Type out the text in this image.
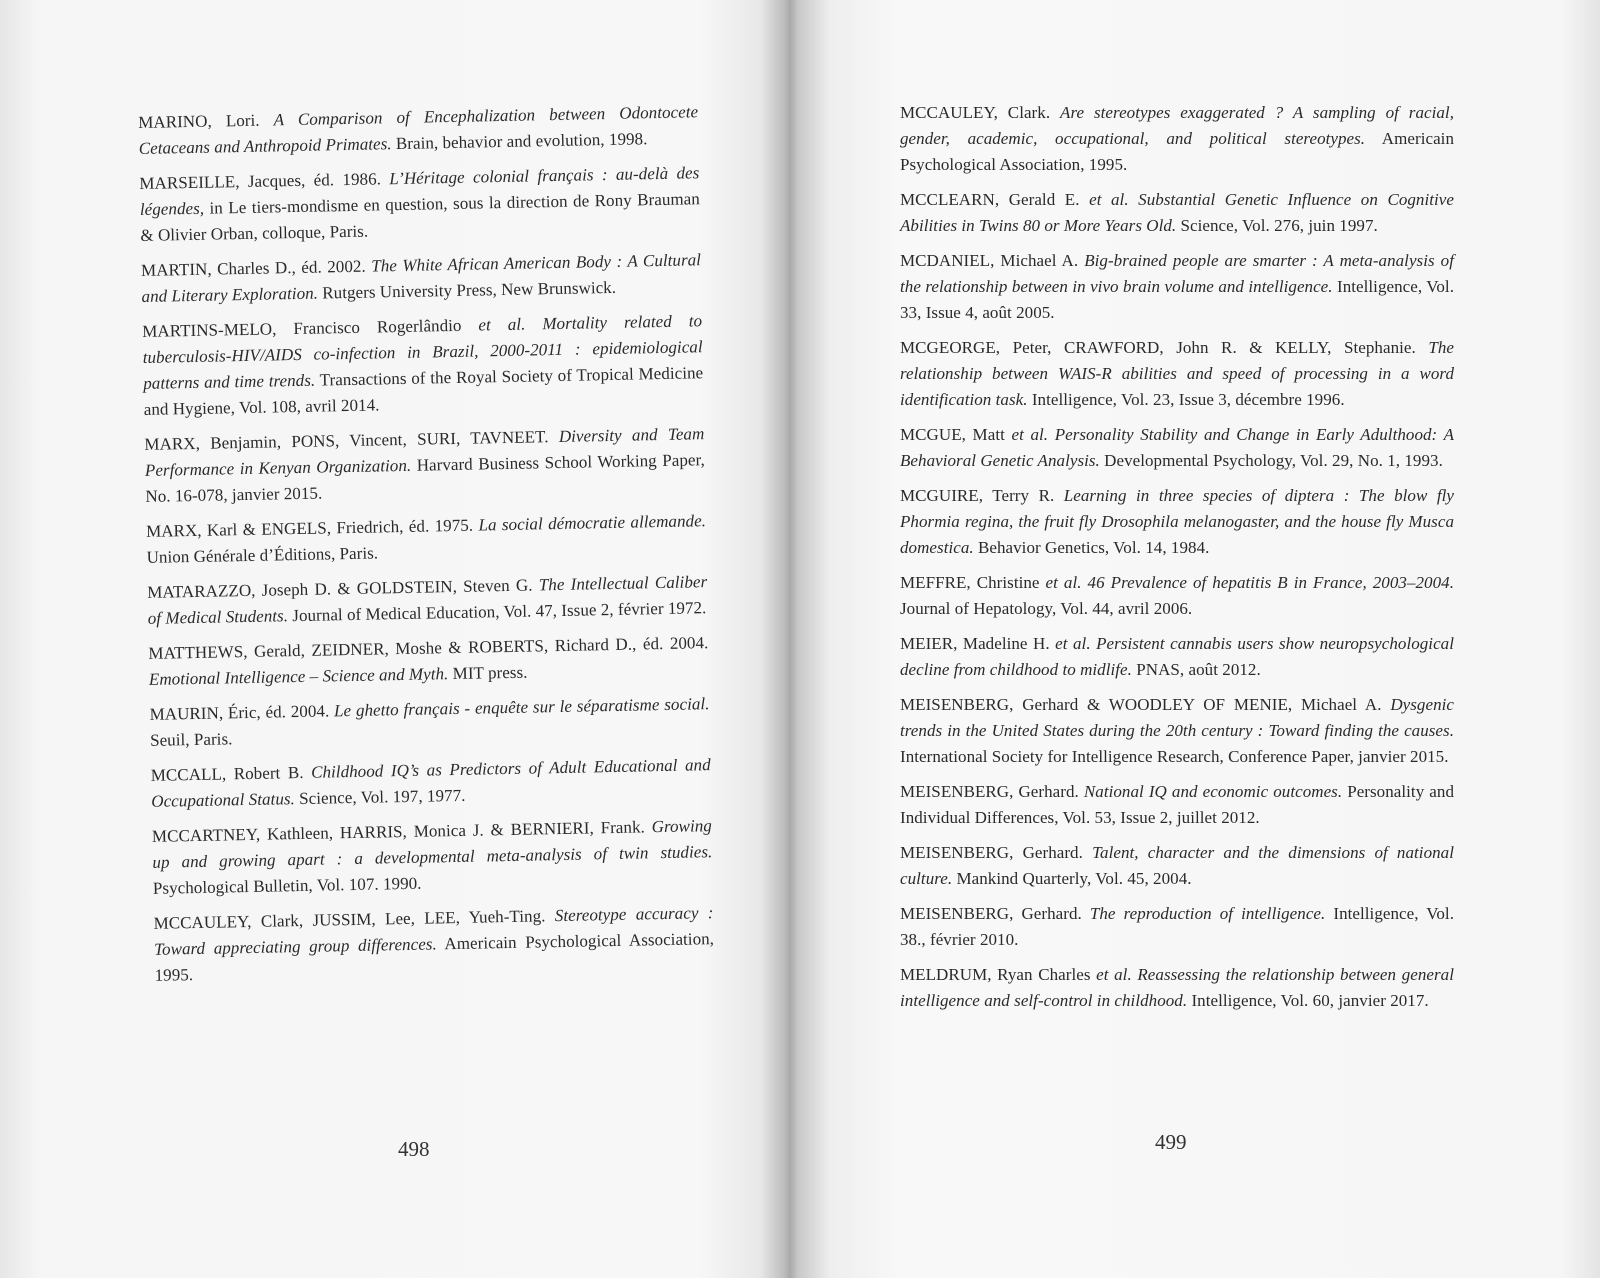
MARINO, Lori. A Comparison of Encephalization between Odontocete Cetaceans and Anthropoid Primates. Brain, behavior and evolution, 1998.

MARSEILLE, Jacques, éd. 1986. L’Héritage colonial français : au-delà des légendes, in Le tiers-mondisme en question, sous la direction de Rony Brauman & Olivier Orban, colloque, Paris.

MARTIN, Charles D., éd. 2002. The White African American Body : A Cultural and Literary Exploration. Rutgers University Press, New Brunswick.

MARTINS-MELO, Francisco Rogerlândio et al. Mortality related to tuberculosis-HIV/AIDS co-infection in Brazil, 2000-2011 : epidemiological patterns and time trends. Transactions of the Royal Society of Tropical Medicine and Hygiene, Vol. 108, avril 2014.

MARX, Benjamin, PONS, Vincent, SURI, TAVNEET. Diversity and Team Performance in Kenyan Organization. Harvard Business School Working Paper, No. 16-078, janvier 2015.

MARX, Karl & ENGELS, Friedrich, éd. 1975. La social démocratie allemande. Union Générale d’Éditions, Paris.

MATARAZZO, Joseph D. & GOLDSTEIN, Steven G. The Intellectual Caliber of Medical Students. Journal of Medical Education, Vol. 47, Issue 2, février 1972.

MATTHEWS, Gerald, ZEIDNER, Moshe & ROBERTS, Richard D., éd. 2004. Emotional Intelligence – Science and Myth. MIT press.

MAURIN, Éric, éd. 2004. Le ghetto français - enquête sur le séparatisme social. Seuil, Paris.

MCCALL, Robert B. Childhood IQ’s as Predictors of Adult Educational and Occupational Status. Science, Vol. 197, 1977.

MCCARTNEY, Kathleen, HARRIS, Monica J. & BERNIERI, Frank. Growing up and growing apart : a developmental meta-analysis of twin studies. Psychological Bulletin, Vol. 107. 1990.

MCCAULEY, Clark, JUSSIM, Lee, LEE, Yueh-Ting. Stereotype accuracy : Toward appreciating group differences. Americain Psychological Association, 1995.

498

MCCAULEY, Clark. Are stereotypes exaggerated ? A sampling of racial, gender, academic, occupational, and political stereotypes. Americain Psychological Association, 1995.

MCCLEARN, Gerald E. et al. Substantial Genetic Influence on Cognitive Abilities in Twins 80 or More Years Old. Science, Vol. 276, juin 1997.

MCDANIEL, Michael A. Big-brained people are smarter : A meta-analysis of the relationship between in vivo brain volume and intelligence. Intelligence, Vol. 33, Issue 4, août 2005.

MCGEORGE, Peter, CRAWFORD, John R. & KELLY, Stephanie. The relationship between WAIS-R abilities and speed of processing in a word identification task. Intelligence, Vol. 23, Issue 3, décembre 1996.

MCGUE, Matt et al. Personality Stability and Change in Early Adulthood: A Behavioral Genetic Analysis. Developmental Psychology, Vol. 29, No. 1, 1993.

MCGUIRE, Terry R. Learning in three species of diptera : The blow fly Phormia regina, the fruit fly Drosophila melanogaster, and the house fly Musca domestica. Behavior Genetics, Vol. 14, 1984.

MEFFRE, Christine et al. 46 Prevalence of hepatitis B in France, 2003–2004. Journal of Hepatology, Vol. 44, avril 2006.

MEIER, Madeline H. et al. Persistent cannabis users show neuropsychological decline from childhood to midlife. PNAS, août 2012.

MEISENBERG, Gerhard & WOODLEY OF MENIE, Michael A. Dysgenic trends in the United States during the 20th century : Toward finding the causes. International Society for Intelligence Research, Conference Paper, janvier 2015.

MEISENBERG, Gerhard. National IQ and economic outcomes. Personality and Individual Differences, Vol. 53, Issue 2, juillet 2012.

MEISENBERG, Gerhard. Talent, character and the dimensions of national culture. Mankind Quarterly, Vol. 45, 2004.

MEISENBERG, Gerhard. The reproduction of intelligence. Intelligence, Vol. 38., février 2010.

MELDRUM, Ryan Charles et al. Reassessing the relationship between general intelligence and self-control in childhood. Intelligence, Vol. 60, janvier 2017.

499
